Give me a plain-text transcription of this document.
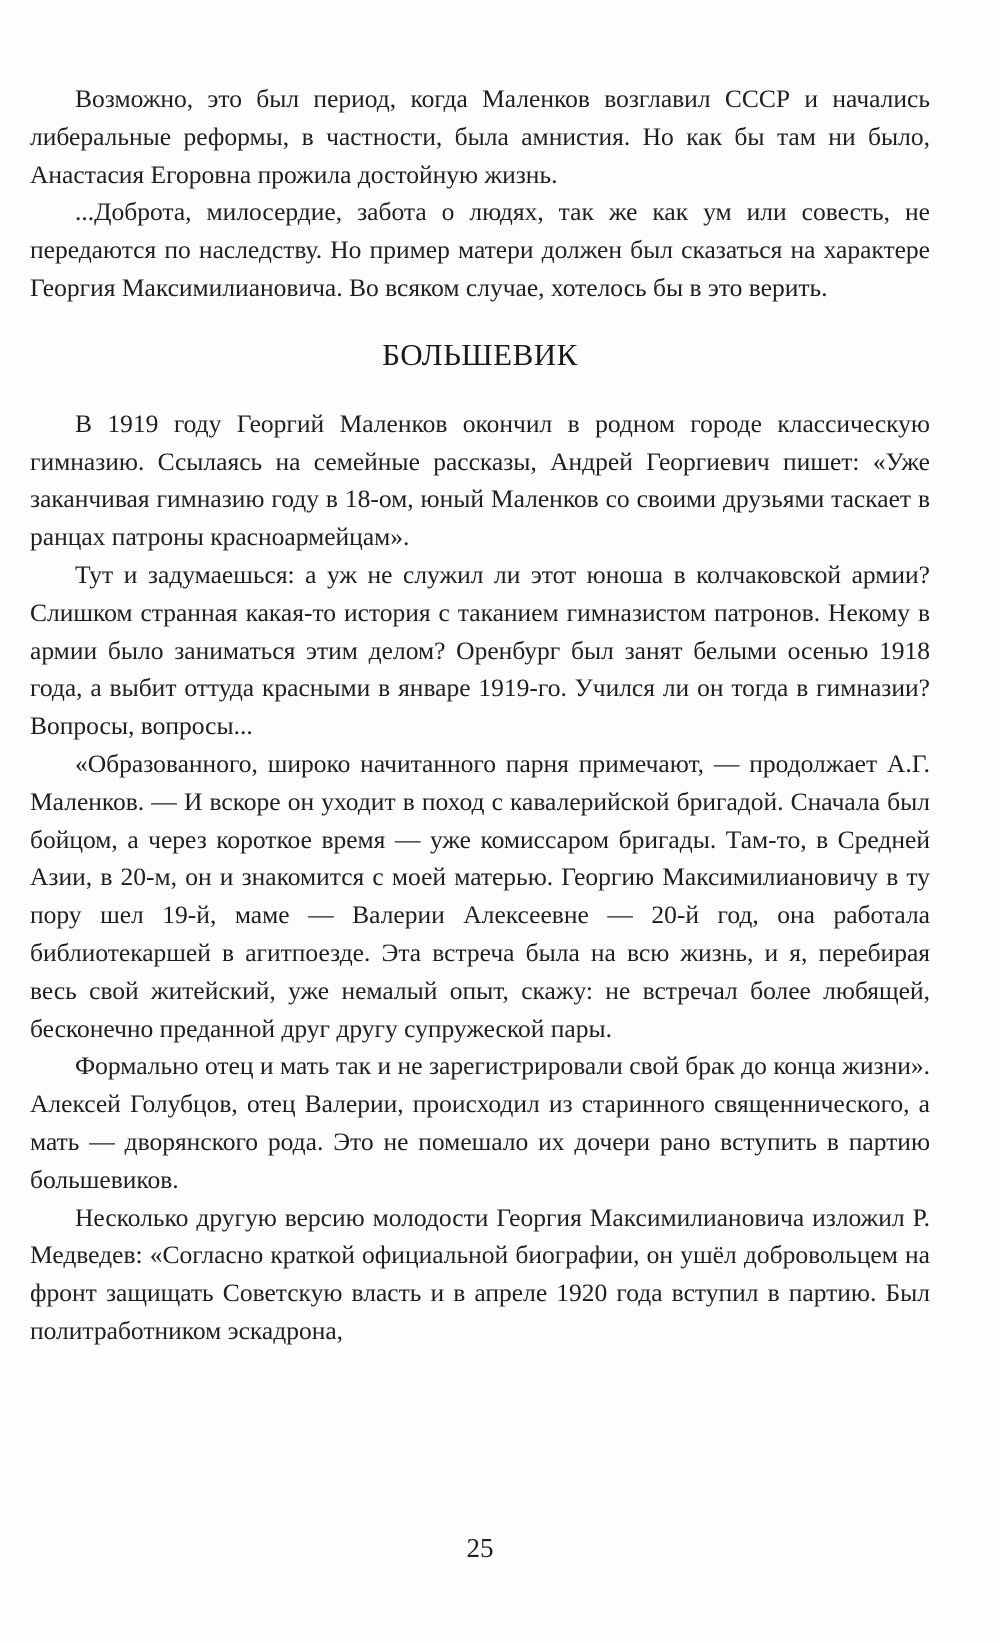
Возможно, это был период, когда Маленков возглавил СССР и начались либеральные реформы, в частности, была амнистия. Но как бы там ни было, Анастасия Егоровна прожила достойную жизнь.

...Доброта, милосердие, забота о людях, так же как ум или совесть, не передаются по наследству. Но пример матери должен был сказаться на характере Георгия Максимилиановича. Во всяком случае, хотелось бы в это верить.

БОЛЬШЕВИК

В 1919 году Георгий Маленков окончил в родном городе классическую гимназию. Ссылаясь на семейные рассказы, Андрей Георгиевич пишет: «Уже заканчивая гимназию году в 18-ом, юный Маленков со своими друзьями таскает в ранцах патроны красноармейцам».

Тут и задумаешься: а уж не служил ли этот юноша в колчаковской армии? Слишком странная какая-то история с таканием гимназистом патронов. Некому в армии было заниматься этим делом? Оренбург был занят белыми осенью 1918 года, а выбит оттуда красными в январе 1919-го. Учился ли он тогда в гимназии? Вопросы, вопросы...

«Образованного, широко начитанного парня примечают, — продолжает А.Г. Маленков. — И вскоре он уходит в поход с кавалерийской бригадой. Сначала был бойцом, а через короткое время — уже комиссаром бригады. Там-то, в Средней Азии, в 20-м, он и знакомится с моей матерью. Георгию Максимилиановичу в ту пору шел 19-й, маме — Валерии Алексеевне — 20-й год, она работала библиотекаршей в агитпоезде. Эта встреча была на всю жизнь, и я, перебирая весь свой житейский, уже немалый опыт, скажу: не встречал более любящей, бесконечно преданной друг другу супружеской пары.

Формально отец и мать так и не зарегистрировали свой брак до конца жизни». Алексей Голубцов, отец Валерии, происходил из старинного священнического, а мать — дворянского рода. Это не помешало их дочери рано вступить в партию большевиков.

Несколько другую версию молодости Георгия Максимилиановича изложил Р. Медведев: «Согласно краткой официальной биографии, он ушёл добровольцем на фронт защищать Советскую власть и в апреле 1920 года вступил в партию. Был политработником эскадрона,

25
